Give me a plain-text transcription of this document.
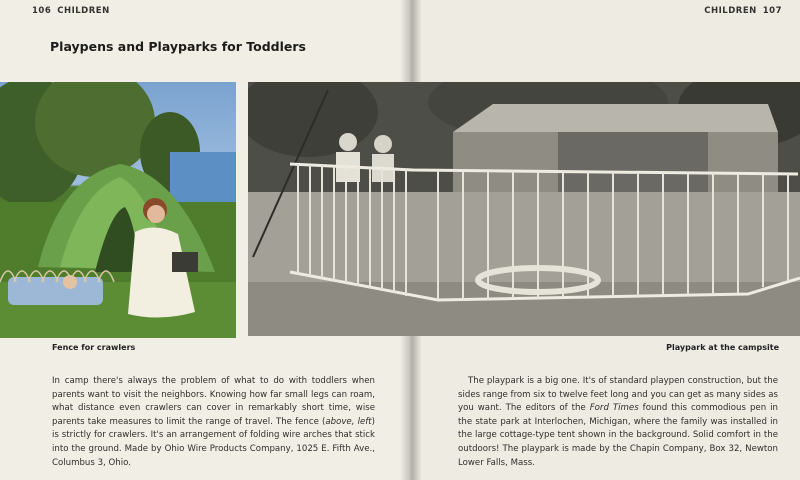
106 CHILDREN	CHILDREN 107
Playpens and Playparks for Toddlers
Fence for crawlers	Playpark at the campsite

In camp there's always the problem of what to do with toddlers when parents want to visit the neighbors. Knowing how far small legs can roam, what distance even crawlers can cover in remarkably short time, wise parents take measures to limit the range of travel. The fence (above, left) is strictly for crawlers. It's an arrangement of folding wire arches that stick into the ground. Made by Ohio Wire Products Company, 1025 E. Fifth Ave., Columbus 3, Ohio.

The playpark is a big one. It's of standard playpen construction, but the sides range from six to twelve feet long and you can get as many sides as you want. The editors of the Ford Times found this commodious pen in the state park at Interlochen, Michigan, where the family was installed in the large cottage-type tent shown in the background. Solid comfort in the outdoors! The playpark is made by the Chapin Company, Box 32, Newton Lower Falls, Mass.
